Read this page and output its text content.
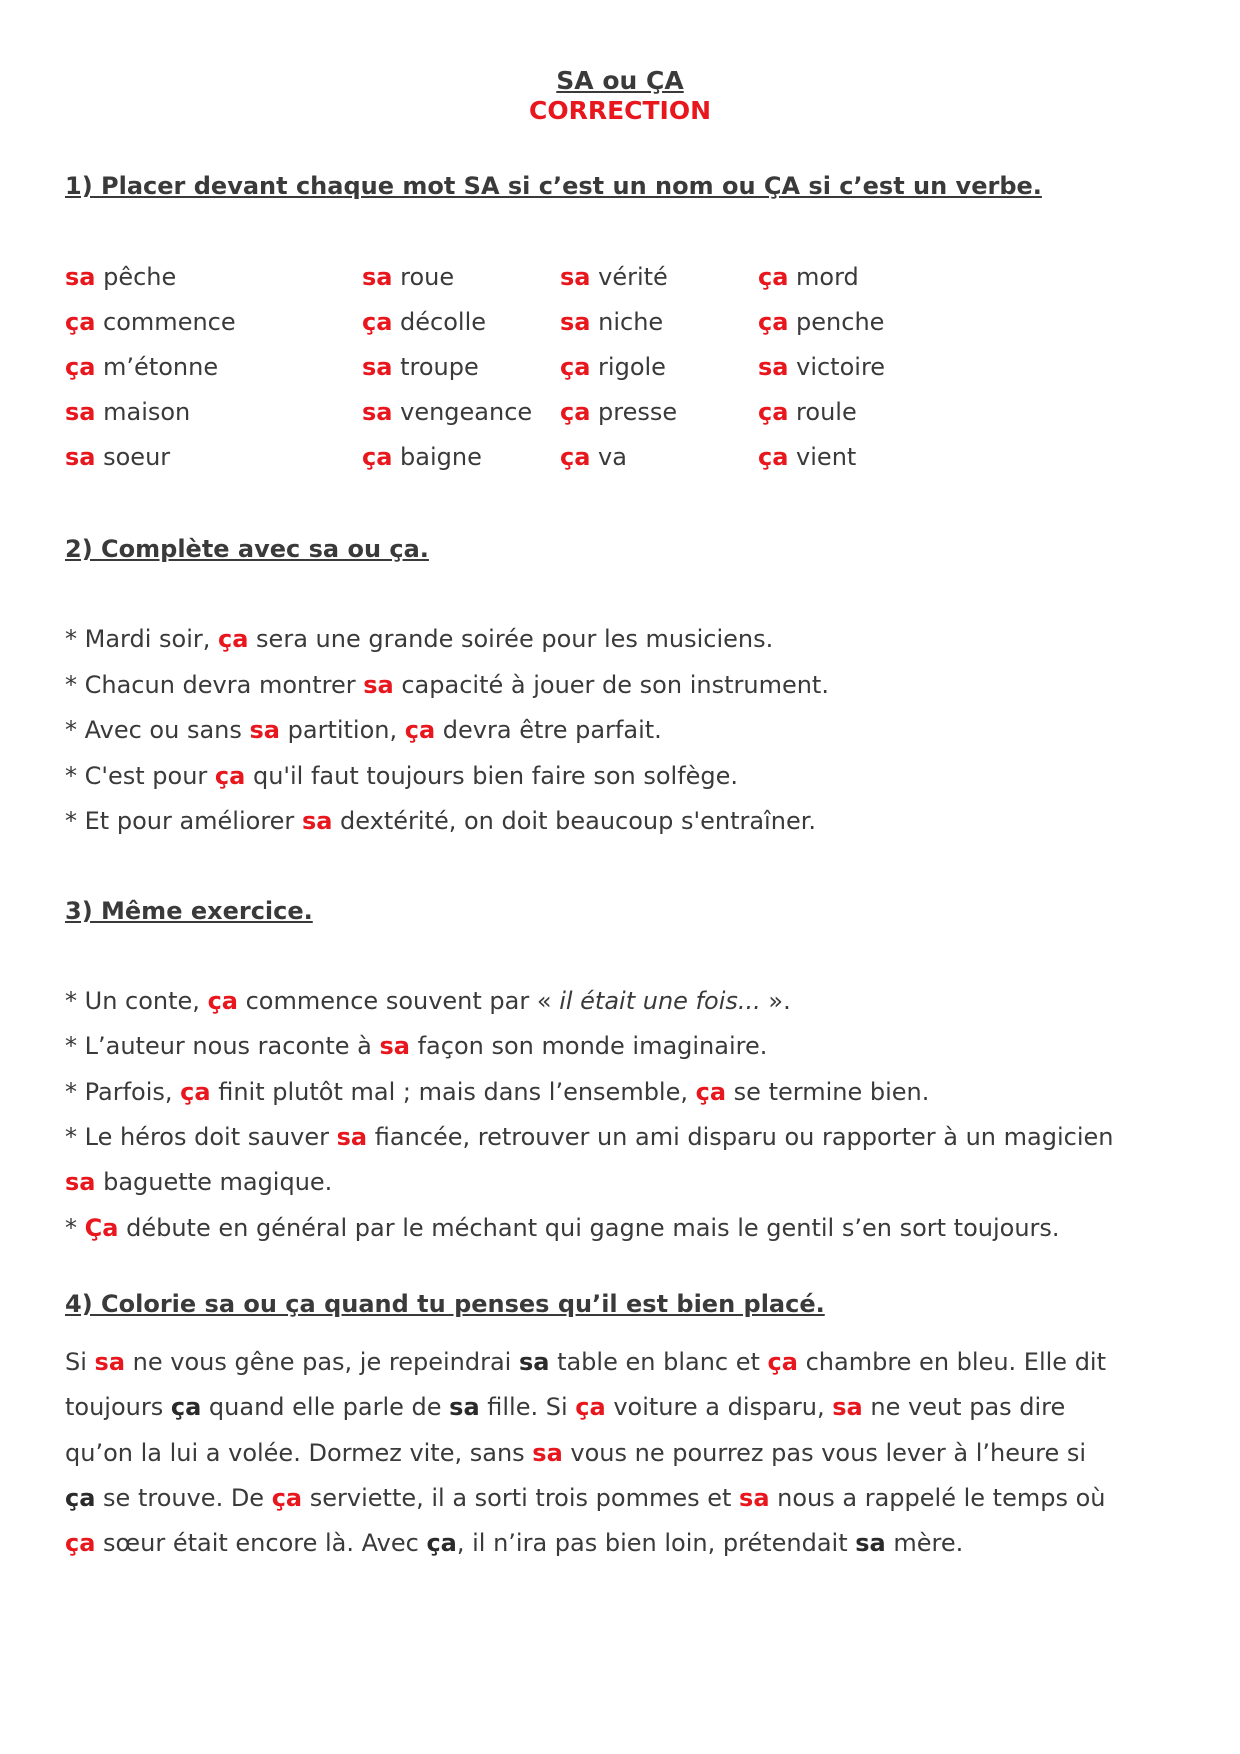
SA ou ÇA
CORRECTION
1) Placer devant chaque mot SA si c’est un nom ou ÇA si c’est un verbe.
sa pêche
ça commence
ça m’étonne
sa maison
sa soeur
sa roue
ça décolle
sa troupe
sa vengeance
ça baigne
sa vérité
sa niche
ça rigole
ça presse
ça va
ça mord
ça penche
sa victoire
ça roule
ça vient
2) Complète avec sa ou ça.
* Mardi soir, ça sera une grande soirée pour les musiciens.
* Chacun devra montrer sa capacité à jouer de son instrument.
* Avec ou sans sa partition, ça devra être parfait.
* C'est pour ça qu'il faut toujours bien faire son solfège.
* Et pour améliorer sa dextérité, on doit beaucoup s'entraîner.
3) Même exercice.
* Un conte, ça commence souvent par « il était une fois... ».
* L’auteur nous raconte à sa façon son monde imaginaire.
* Parfois, ça finit plutôt mal ; mais dans l’ensemble, ça se termine bien.
* Le héros doit sauver sa fiancée, retrouver un ami disparu ou rapporter à un magicien
sa baguette magique.
* Ça débute en général par le méchant qui gagne mais le gentil s’en sort toujours.
4) Colorie sa ou ça quand tu penses qu’il est bien placé.
Si sa ne vous gêne pas, je repeindrai sa table en blanc et ça chambre en bleu. Elle dit
toujours ça quand elle parle de sa fille. Si ça voiture a disparu, sa ne veut pas dire
qu’on la lui a volée. Dormez vite, sans sa vous ne pourrez pas vous lever à l’heure si
ça se trouve. De ça serviette, il a sorti trois pommes et sa nous a rappelé le temps où
ça sœur était encore là. Avec ça, il n’ira pas bien loin, prétendait sa mère.
